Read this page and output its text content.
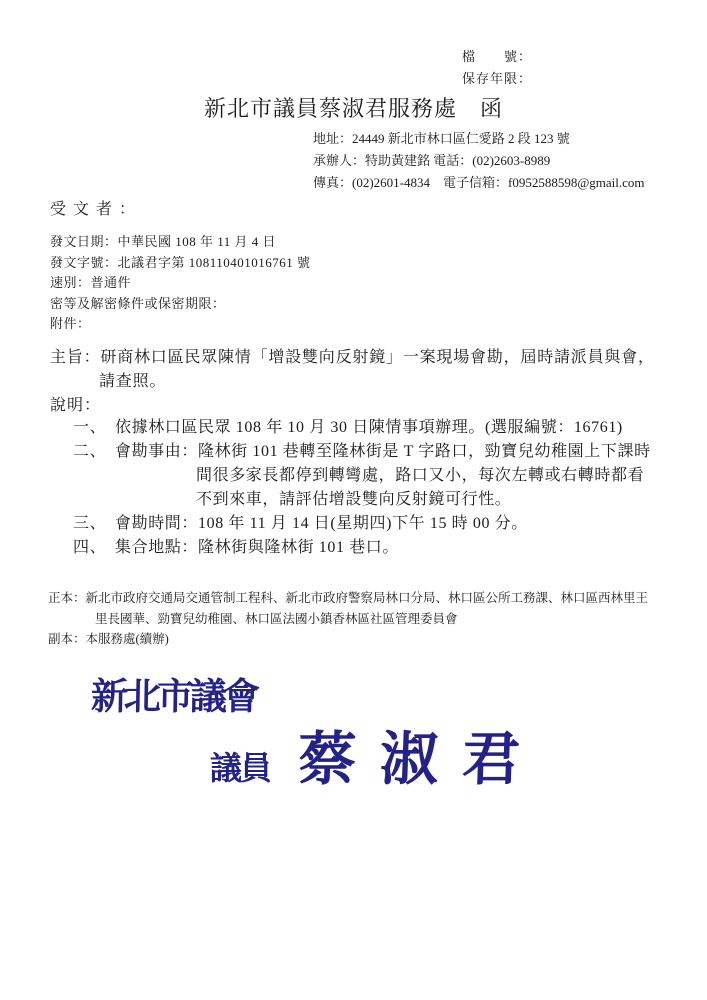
檔　　號：
保存年限：
新北市議員蔡淑君服務處　函
地址：24449 新北市林口區仁愛路 2 段 123 號
承辦人：特助黃建銘 電話：(02)2603-8989
傳真：(02)2601-4834　電子信箱：f0952588598@gmail.com
受文者：
發文日期：中華民國 108 年 11 月 4 日
發文字號：北議君字第 108110401016761 號
速別：普通件
密等及解密條件或保密期限：
附件：
主旨：研商林口區民眾陳情「增設雙向反射鏡」一案現場會勘，屆時請派員與會，
請查照。
說明：
一、 依據林口區民眾 108 年 10 月 30 日陳情事項辦理。(選服編號：16761)
二、 會勘事由：隆林街 101 巷轉至隆林街是 T 字路口，勁寶兒幼稚園上下課時
間很多家長都停到轉彎處，路口又小，每次左轉或右轉時都看
不到來車，請評估增設雙向反射鏡可行性。
三、 會勘時間：108 年 11 月 14 日(星期四)下午 15 時 00 分。
四、 集合地點：隆林街與隆林街 101 巷口。
正本：新北市政府交通局交通管制工程科、新北市政府警察局林口分局、林口區公所工務課、林口區西林里王
里長國華、勁寶兒幼稚園、林口區法國小鎮香林區社區管理委員會
副本：本服務處(續辦)
新北市議會
議員 蔡淑君
